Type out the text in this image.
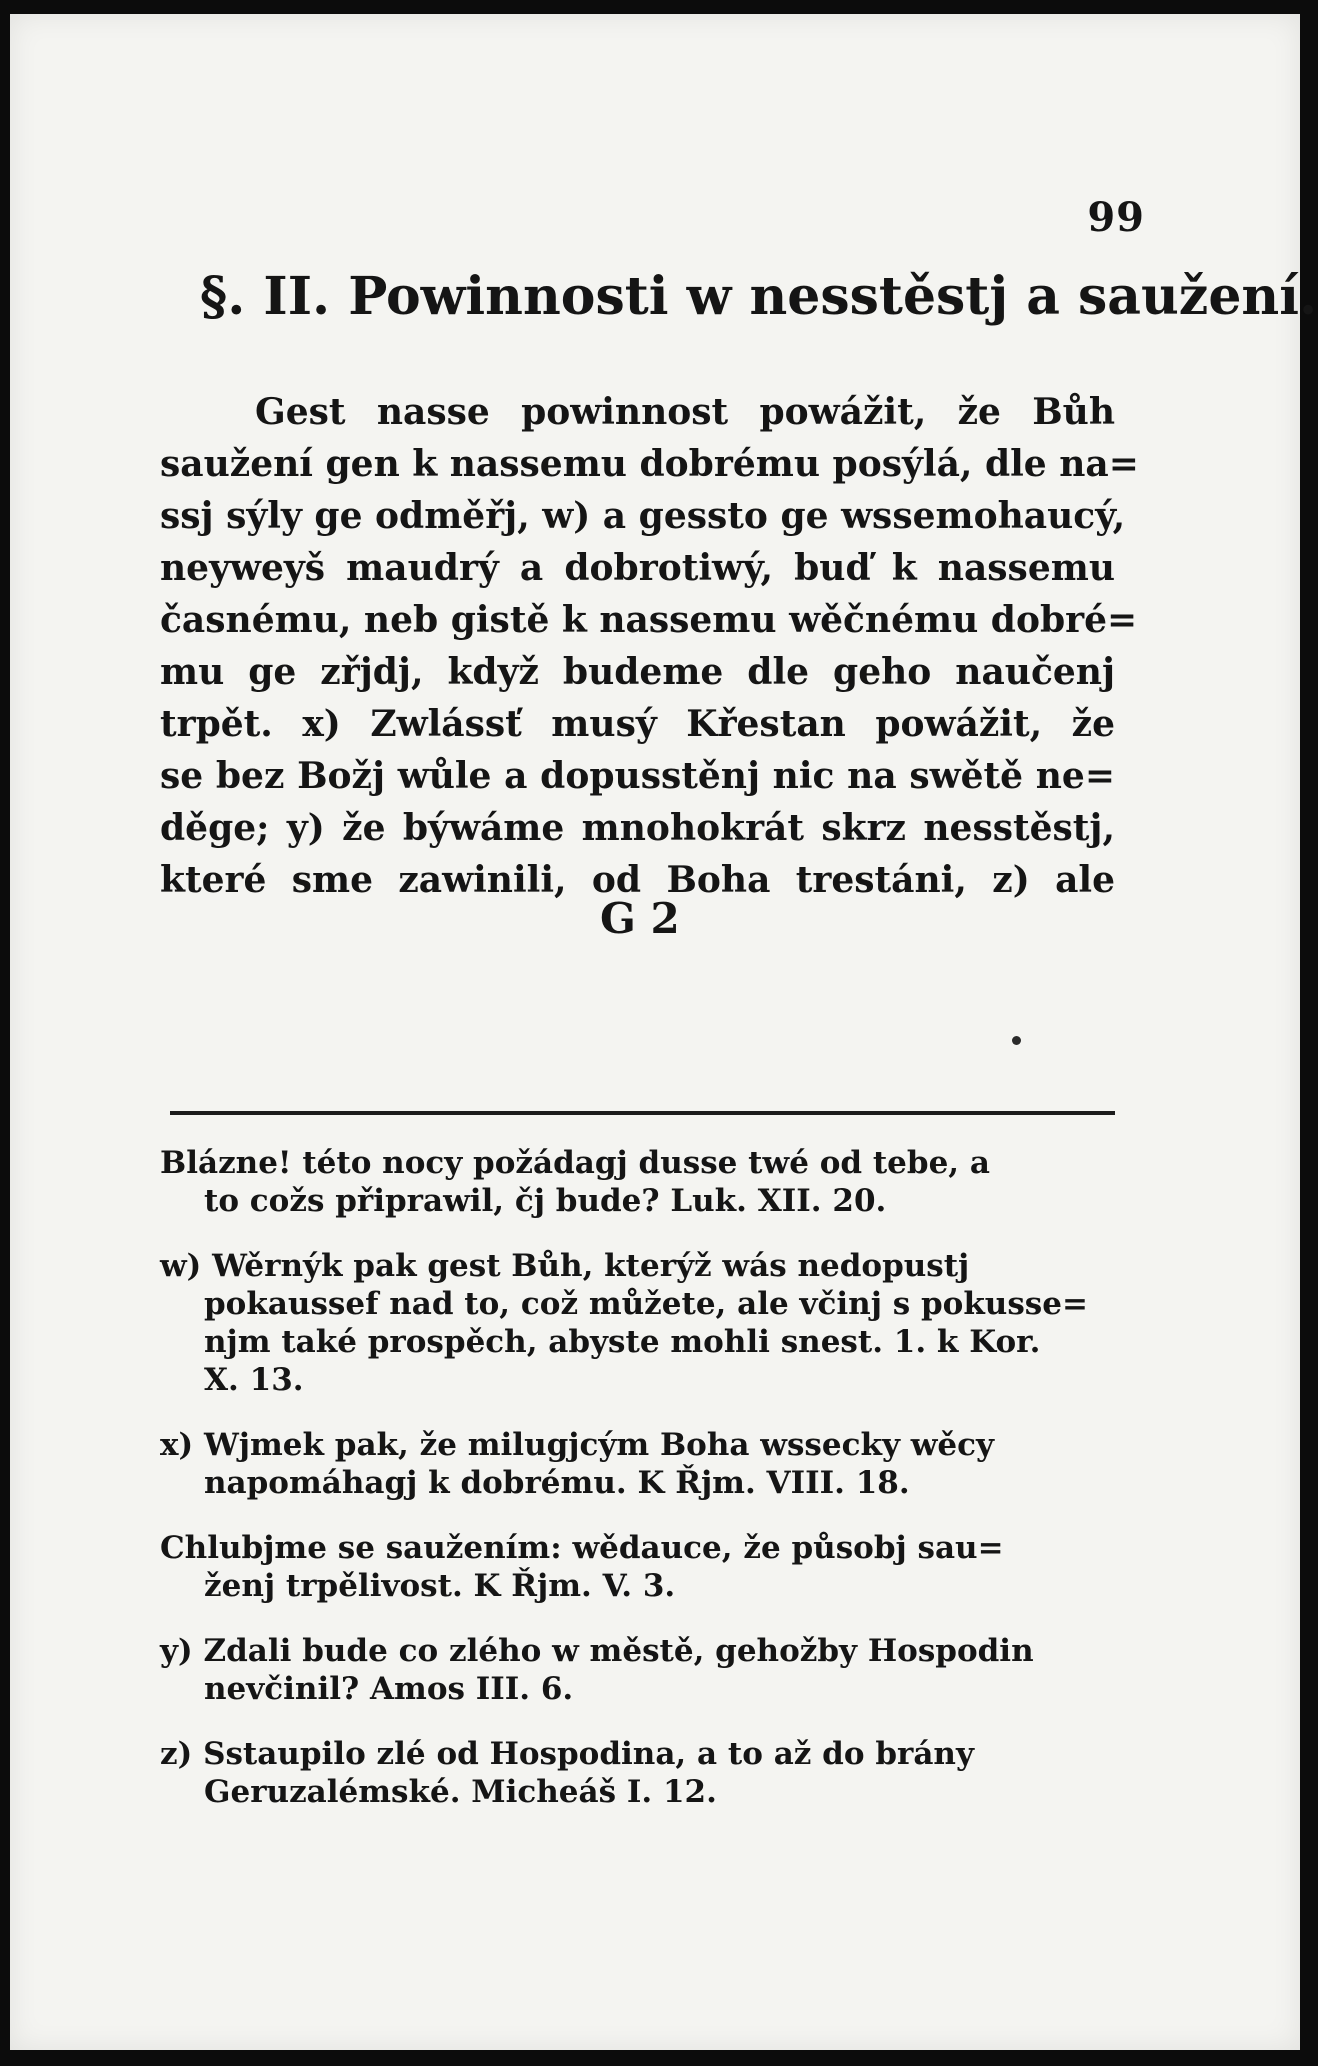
99
§. II. Powinnosti w nesstěstj a saužení.
Gest nasse powinnost powážit, že Bůh
saužení gen k nassemu dobrému posýlá, dle na=
ssj sýly ge odměřj, w) a gessto ge wssemohaucý,
neyweyš maudrý a dobrotiwý, buď k nassemu
časnému, neb gistě k nassemu wěčnému dobré=
mu ge zřjdj, když budeme dle geho naučenj
trpět. x) Zwlássť musý Křestan powážit, že
se bez Božj wůle a dopusstěnj nic na swětě ne=
děge; y) že býwáme mnohokrát skrz nesstěstj,
které sme zawinili, od Boha trestáni, z) ale
G 2
Blázne! této nocy požádagj dusse twé od tebe, a
to cožs připrawil, čj bude? Luk. XII. 20.
w) Wěrnýk pak gest Bůh, kterýž wás nedopustj
pokaussef nad to, což můžete, ale včinj s pokusse=
njm také prospěch, abyste mohli snest. 1. k Kor.
X. 13.
x) Wjmek pak, že milugjcým Boha wssecky wěcy
napomáhagj k dobrému. K Řjm. VIII. 18.
Chlubjme se saužením: wědauce, že působj sau=
ženj trpělivost. K Řjm. V. 3.
y) Zdali bude co zlého w městě, gehožby Hospodin
nevčinil? Amos III. 6.
z) Sstaupilo zlé od Hospodina, a to až do brány
Geruzalémské. Micheáš I. 12.
